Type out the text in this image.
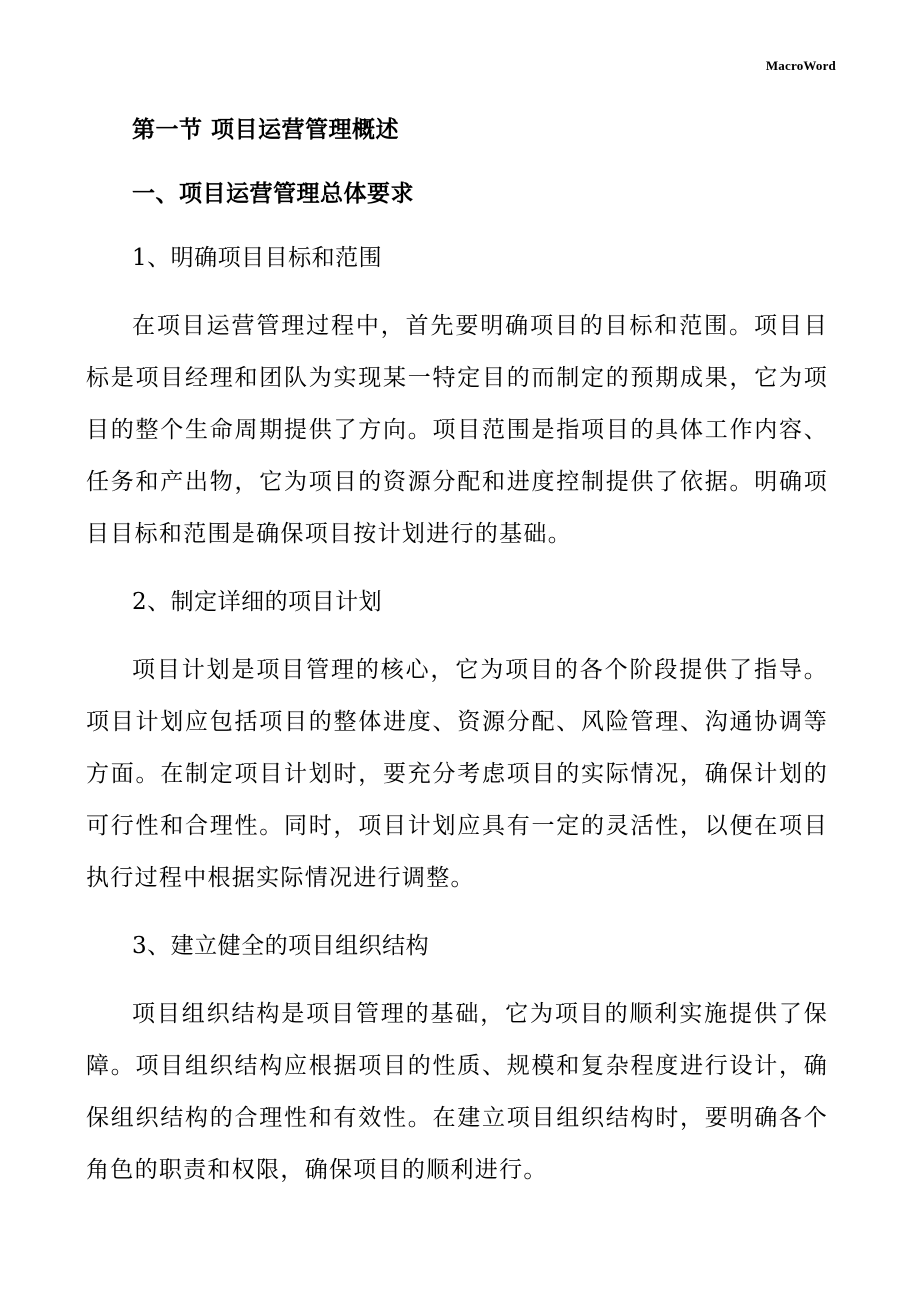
MacroWord
第一节 项目运营管理概述
一、项目运营管理总体要求

1、明确项目目标和范围

在项目运营管理过程中，首先要明确项目的目标和范围。项目目标是项目经理和团队为实现某一特定目的而制定的预期成果，它为项目的整个生命周期提供了方向。项目范围是指项目的具体工作内容、任务和产出物，它为项目的资源分配和进度控制提供了依据。明确项目目标和范围是确保项目按计划进行的基础。

2、制定详细的项目计划

项目计划是项目管理的核心，它为项目的各个阶段提供了指导。项目计划应包括项目的整体进度、资源分配、风险管理、沟通协调等方面。在制定项目计划时，要充分考虑项目的实际情况，确保计划的可行性和合理性。同时，项目计划应具有一定的灵活性，以便在项目执行过程中根据实际情况进行调整。

3、建立健全的项目组织结构

项目组织结构是项目管理的基础，它为项目的顺利实施提供了保障。项目组织结构应根据项目的性质、规模和复杂程度进行设计，确保组织结构的合理性和有效性。在建立项目组织结构时，要明确各个角色的职责和权限，确保项目的顺利进行。
